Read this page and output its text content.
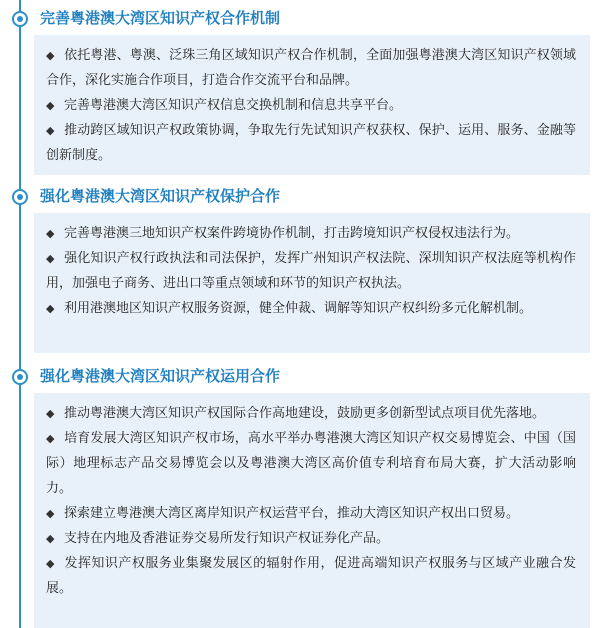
完善粤港澳大湾区知识产权合作机制

◆ 依托粤港、粤澳、泛珠三角区域知识产权合作机制，全面加强粤港澳大湾区知识产权领域合作，深化实施合作项目，打造合作交流平台和品牌。

◆ 完善粤港澳大湾区知识产权信息交换机制和信息共享平台。

◆ 推动跨区域知识产权政策协调，争取先行先试知识产权获权、保护、运用、服务、金融等创新制度。

强化粤港澳大湾区知识产权保护合作

◆ 完善粤港澳三地知识产权案件跨境协作机制，打击跨境知识产权侵权违法行为。

◆ 强化知识产权行政执法和司法保护，发挥广州知识产权法院、深圳知识产权法庭等机构作用，加强电子商务、进出口等重点领域和环节的知识产权执法。

◆ 利用港澳地区知识产权服务资源，健全仲裁、调解等知识产权纠纷多元化解机制。

强化粤港澳大湾区知识产权运用合作

◆ 推动粤港澳大湾区知识产权国际合作高地建设，鼓励更多创新型试点项目优先落地。

◆ 培育发展大湾区知识产权市场，高水平举办粤港澳大湾区知识产权交易博览会、中国（国际）地理标志产品交易博览会以及粤港澳大湾区高价值专利培育布局大赛，扩大活动影响力。

◆ 探索建立粤港澳大湾区离岸知识产权运营平台，推动大湾区知识产权出口贸易。

◆ 支持在内地及香港证券交易所发行知识产权证券化产品。

◆ 发挥知识产权服务业集聚发展区的辐射作用，促进高端知识产权服务与区域产业融合发展。
